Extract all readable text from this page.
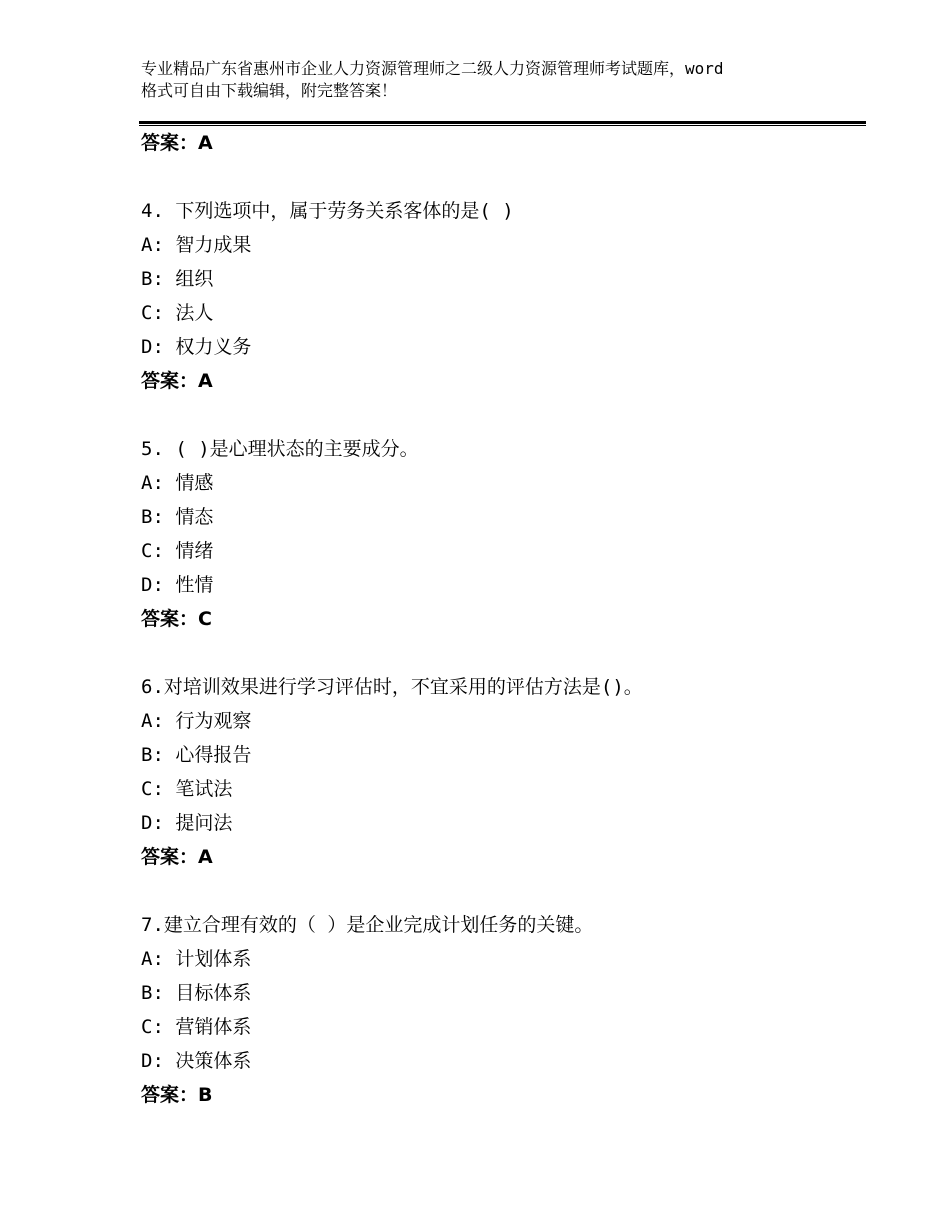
专业精品广东省惠州市企业人力资源管理师之二级人力资源管理师考试题库，word
格式可自由下载编辑，附完整答案！
答案：A
4. 下列选项中，属于劳务关系客体的是( )
A: 智力成果
B: 组织
C: 法人
D: 权力义务
答案：A
5. ( )是心理状态的主要成分。
A: 情感
B: 情态
C: 情绪
D: 性情
答案：C
6.对培训效果进行学习评估时，不宜采用的评估方法是()。
A: 行为观察
B: 心得报告
C: 笔试法
D: 提问法
答案：A
7.建立合理有效的（ ）是企业完成计划任务的关键。
A: 计划体系
B: 目标体系
C: 营销体系
D: 决策体系
答案：B
